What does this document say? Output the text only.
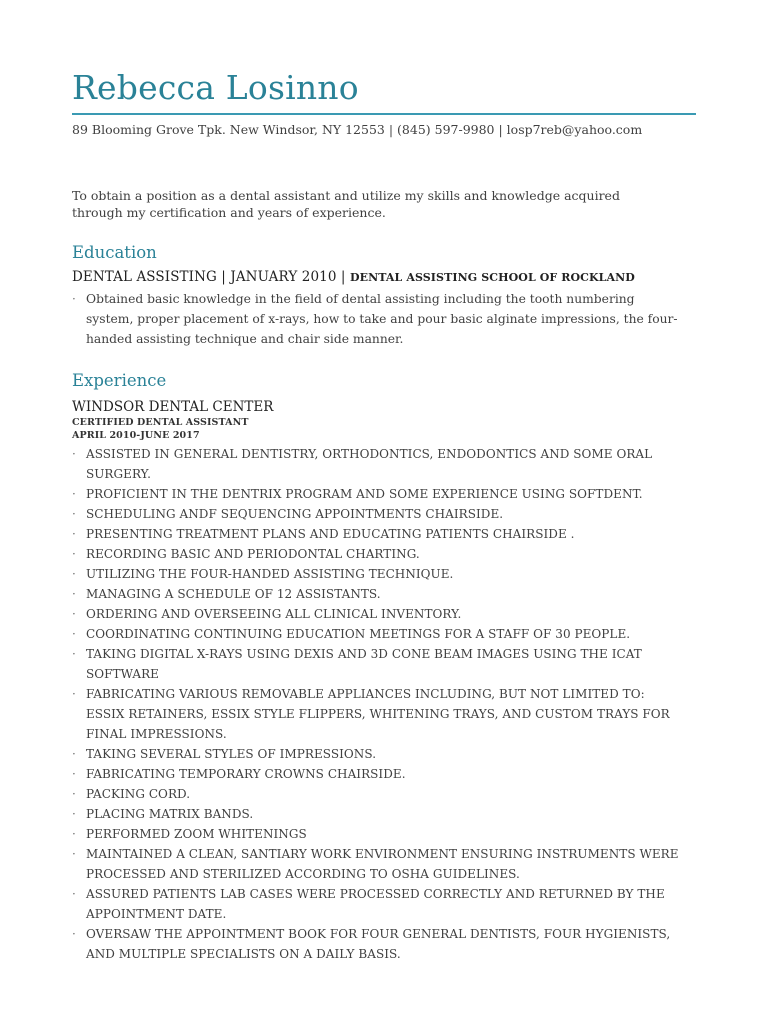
Rebecca Losinno
89 Blooming Grove Tpk. New Windsor, NY 12553 | (845) 597-9980 | losp7reb@yahoo.com
To obtain a position as a dental assistant and utilize my skills and knowledge acquired through my certification and years of experience.
Education
DENTAL ASSISTING | JANUARY 2010 | DENTAL ASSISTING SCHOOL OF ROCKLAND
· Obtained basic knowledge in the field of dental assisting including the tooth numbering system, proper placement of x-rays, how to take and pour basic alginate impressions, the four-handed assisting technique and chair side manner.
Experience
WINDSOR DENTAL CENTER
CERTIFIED DENTAL ASSISTANT
APRIL 2010-JUNE 2017
· ASSISTED IN GENERAL DENTISTRY, ORTHODONTICS, ENDODONTICS AND SOME ORAL SURGERY.
· PROFICIENT IN THE DENTRIX PROGRAM AND SOME EXPERIENCE USING SOFTDENT.
· SCHEDULING ANDF SEQUENCING APPOINTMENTS CHAIRSIDE.
· PRESENTING TREATMENT PLANS AND EDUCATING PATIENTS CHAIRSIDE .
· RECORDING BASIC AND PERIODONTAL CHARTING.
· UTILIZING THE FOUR-HANDED ASSISTING TECHNIQUE.
· MANAGING A SCHEDULE OF 12 ASSISTANTS.
· ORDERING AND OVERSEEING ALL CLINICAL INVENTORY.
· COORDINATING CONTINUING EDUCATION MEETINGS FOR A STAFF OF 30 PEOPLE.
· TAKING DIGITAL X-RAYS USING DEXIS AND 3D CONE BEAM IMAGES USING THE ICAT SOFTWARE
· FABRICATING VARIOUS REMOVABLE APPLIANCES INCLUDING, BUT NOT LIMITED TO: ESSIX RETAINERS, ESSIX STYLE FLIPPERS, WHITENING TRAYS, AND CUSTOM TRAYS FOR FINAL IMPRESSIONS.
· TAKING SEVERAL STYLES OF IMPRESSIONS.
· FABRICATING TEMPORARY CROWNS CHAIRSIDE.
· PACKING CORD.
· PLACING MATRIX BANDS.
· PERFORMED ZOOM WHITENINGS
· MAINTAINED A CLEAN, SANTIARY WORK ENVIRONMENT ENSURING INSTRUMENTS WERE PROCESSED AND STERILIZED ACCORDING TO OSHA GUIDELINES.
· ASSURED PATIENTS LAB CASES WERE PROCESSED CORRECTLY AND RETURNED BY THE APPOINTMENT DATE.
· OVERSAW THE APPOINTMENT BOOK FOR FOUR GENERAL DENTISTS, FOUR HYGIENISTS, AND MULTIPLE SPECIALISTS ON A DAILY BASIS.
